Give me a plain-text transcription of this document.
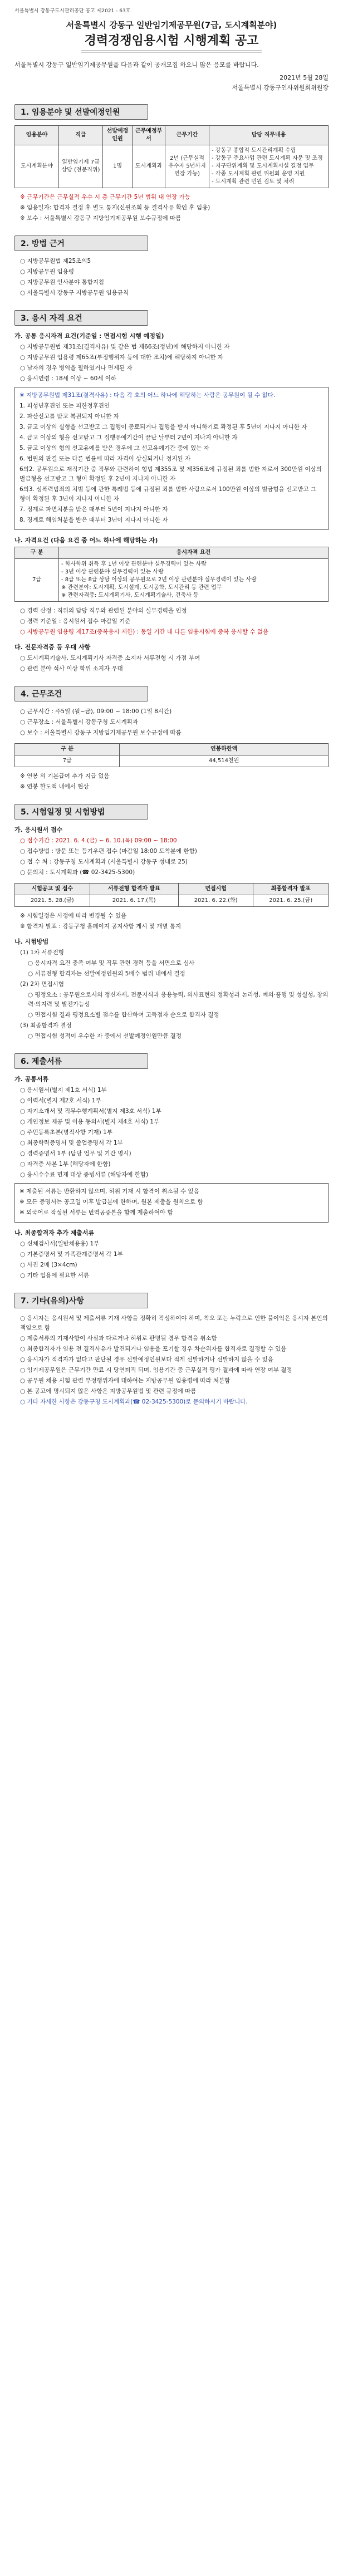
서울특별시 강동구도시관리공단 공고 제2021 - 63호

서울특별시 강동구 일반임기제공무원(7급, 도시계획분야)

경력경쟁임용시험 시행계획 공고

서울특별시 강동구 일반임기제공무원을 다음과 같이 공개모집 하오니 많은 응모를 바랍니다.

2021년 5월 28일

서울특별시 강동구인사위원회위원장

1. 임용분야 및 선발예정인원
임용분야	직급	선발예정인원	근무예정부서	근무기간	담당 직무내용
도시계획분야	일반임기제 7급상당 (전문직위)	1명	도시계획과	2년 (근무실적 우수자 5년까지 연장 가능)	- 강동구 종합적 도시관리계획 수립
- 강동구 주요사업 관련 도시계획 자문 및 조정
- 지구단위계획 및 도시계획시설 결정 업무
- 각종 도시계획 관련 위원회 운영 지원
- 도시계획 관련 민원 검토 및 처리

※ 근무기간은 근무실적 우수 시 총 근무기간 5년 범위 내 연장 가능

※ 임용일자: 합격자 결정 후 별도 통지(신원조회 등 결격사유 확인 후 임용)

※ 보수 : 서울특별시 강동구 지방임기제공무원 보수규정에 따름

2. 방법 근거

○ 지방공무원법 제25조의5

○ 지방공무원 임용령

○ 지방공무원 인사분야 통합지침

○ 서울특별시 강동구 지방공무원 임용규칙

3. 응시 자격 요건

가. 공통 응시자격 요건(기준일 : 면접시험 시행 예정일)

○ 지방공무원법 제31조(결격사유) 및 같은 법 제66조(정년)에 해당하지 아니한 자

○ 지방공무원 임용령 제65조(부정행위자 등에 대한 조치)에 해당하지 아니한 자

○ 남자의 경우 병역을 필하였거나 면제된 자

○ 응시연령 : 18세 이상 ~ 60세 이하

※ 지방공무원법 제31조(결격사유) : 다음 각 호의 어느 하나에 해당하는 사람은 공무원이 될 수 없다.

1. 피성년후견인 또는 피한정후견인

2. 파산선고를 받고 복권되지 아니한 자

3. 금고 이상의 실형을 선고받고 그 집행이 종료되거나 집행을 받지 아니하기로 확정된 후 5년이 지나지 아니한 자

4. 금고 이상의 형을 선고받고 그 집행유예기간이 끝난 날부터 2년이 지나지 아니한 자

5. 금고 이상의 형의 선고유예를 받은 경우에 그 선고유예기간 중에 있는 자

6. 법원의 판결 또는 다른 법률에 따라 자격이 상실되거나 정지된 자

6의2. 공무원으로 재직기간 중 직무와 관련하여 형법 제355조 및 제356조에 규정된 죄를 범한 자로서 300만원 이상의 벌금형을 선고받고 그 형이 확정된 후 2년이 지나지 아니한 자

6의3. 성폭력범죄의 처벌 등에 관한 특례법 등에 규정된 죄를 범한 사람으로서 100만원 이상의 벌금형을 선고받고 그 형이 확정된 후 3년이 지나지 아니한 자

7. 징계로 파면처분을 받은 때부터 5년이 지나지 아니한 자

8. 징계로 해임처분을 받은 때부터 3년이 지나지 아니한 자

나. 자격요건 (다음 요건 중 어느 하나에 해당하는 자)

구 분	응시자격 요건
7급	- 학사학위 취득 후 1년 이상 관련분야 실무경력이 있는 사람
- 3년 이상 관련분야 실무경력이 있는 사람
- 8급 또는 8급 상당 이상의 공무원으로 2년 이상 관련분야 실무경력이 있는 사람
※ 관련분야: 도시계획, 도시설계, 도시공학, 도시관리 등 관련 업무
※ 관련자격증: 도시계획기사, 도시계획기술사, 건축사 등

○ 경력 산정 : 직위의 담당 직무와 관련된 분야의 실무경력을 인정

○ 경력 기준일 : 응시원서 접수 마감일 기준

○ 지방공무원 임용령 제17조(중복응시 제한) : 동일 기간 내 다른 임용시험에 중복 응시할 수 없음

다. 전문자격증 등 우대 사항

○ 도시계획기술사, 도시계획기사 자격증 소지자 서류전형 시 가점 부여

○ 관련 분야 석사 이상 학위 소지자 우대

4. 근무조건

○ 근무시간 : 주5일 (월~금), 09:00 ~ 18:00 (1일 8시간)

○ 근무장소 : 서울특별시 강동구청 도시계획과

○ 보수 : 서울특별시 강동구 지방임기제공무원 보수규정에 따름

구 분	연봉하한액
7급	44,514천원

※ 연봉 외 기본급여 추가 지급 없음

※ 연봉 한도액 내에서 협상

5. 시험일정 및 시험방법

가. 응시원서 접수

○ 접수기간 : 2021. 6. 4.(금) ~ 6. 10.(목) 09:00 ~ 18:00

○ 접수방법 : 방문 또는 등기우편 접수 (마감일 18:00 도착분에 한함)

○ 접 수 처 : 강동구청 도시계획과 (서울특별시 강동구 성내로 25)

○ 문의처 : 도시계획과 (☎ 02-3425-5300)

시험공고 및 접수	서류전형 합격자 발표	면접시험	최종합격자 발표
2021. 5. 28.(금)	2021. 6. 17.(목)	2021. 6. 22.(화)	2021. 6. 25.(금)

※ 시험일정은 사정에 따라 변경될 수 있음

※ 합격자 발표 : 강동구청 홈페이지 공지사항 게시 및 개별 통지

나. 시험방법

(1) 1차 서류전형

○ 응시자격 요건 충족 여부 및 직무 관련 경력 등을 서면으로 심사

○ 서류전형 합격자는 선발예정인원의 5배수 범위 내에서 결정

(2) 2차 면접시험

○ 평정요소 : 공무원으로서의 정신자세, 전문지식과 응용능력, 의사표현의 정확성과 논리성, 예의·품행 및 성실성, 창의력·의지력 및 발전가능성

○ 면접시험 결과 평정요소별 점수를 합산하여 고득점자 순으로 합격자 결정

(3) 최종합격자 결정

○ 면접시험 성적이 우수한 자 중에서 선발예정인원만큼 결정

6. 제출서류

가. 공통서류

○ 응시원서(별지 제1호 서식) 1부

○ 이력서(별지 제2호 서식) 1부

○ 자기소개서 및 직무수행계획서(별지 제3호 서식) 1부

○ 개인정보 제공 및 이용 동의서(별지 제4호 서식) 1부

○ 주민등록초본(병적사항 기재) 1부

○ 최종학력증명서 및 졸업증명서 각 1부

○ 경력증명서 1부 (담당 업무 및 기간 명시)

○ 자격증 사본 1부 (해당자에 한함)

○ 응시수수료 면제 대상 증빙서류 (해당자에 한함)

※ 제출된 서류는 반환하지 않으며, 허위 기재 시 합격이 취소될 수 있음

※ 모든 증명서는 공고일 이후 발급분에 한하며, 원본 제출을 원칙으로 함

※ 외국어로 작성된 서류는 번역공증본을 함께 제출하여야 함

나. 최종합격자 추가 제출서류

○ 신체검사서(일반채용용) 1부

○ 기본증명서 및 가족관계증명서 각 1부

○ 사진 2매 (3×4cm)

○ 기타 임용에 필요한 서류

7. 기타(유의)사항

○ 응시자는 응시원서 및 제출서류 기재 사항을 정확히 작성하여야 하며, 착오 또는 누락으로 인한 불이익은 응시자 본인의 책임으로 함

○ 제출서류의 기재사항이 사실과 다르거나 허위로 판명될 경우 합격을 취소함

○ 최종합격자가 임용 전 결격사유가 발견되거나 임용을 포기할 경우 차순위자를 합격자로 결정할 수 있음

○ 응시자가 적격자가 없다고 판단될 경우 선발예정인원보다 적게 선발하거나 선발하지 않을 수 있음

○ 임기제공무원은 근무기간 만료 시 당연퇴직 되며, 임용기간 중 근무실적 평가 결과에 따라 연장 여부 결정

○ 공무원 채용 시험 관련 부정행위자에 대하여는 지방공무원 임용령에 따라 처분함

○ 본 공고에 명시되지 않은 사항은 지방공무원법 및 관련 규정에 따름

○ 기타 자세한 사항은 강동구청 도시계획과(☎ 02-3425-5300)로 문의하시기 바랍니다.
